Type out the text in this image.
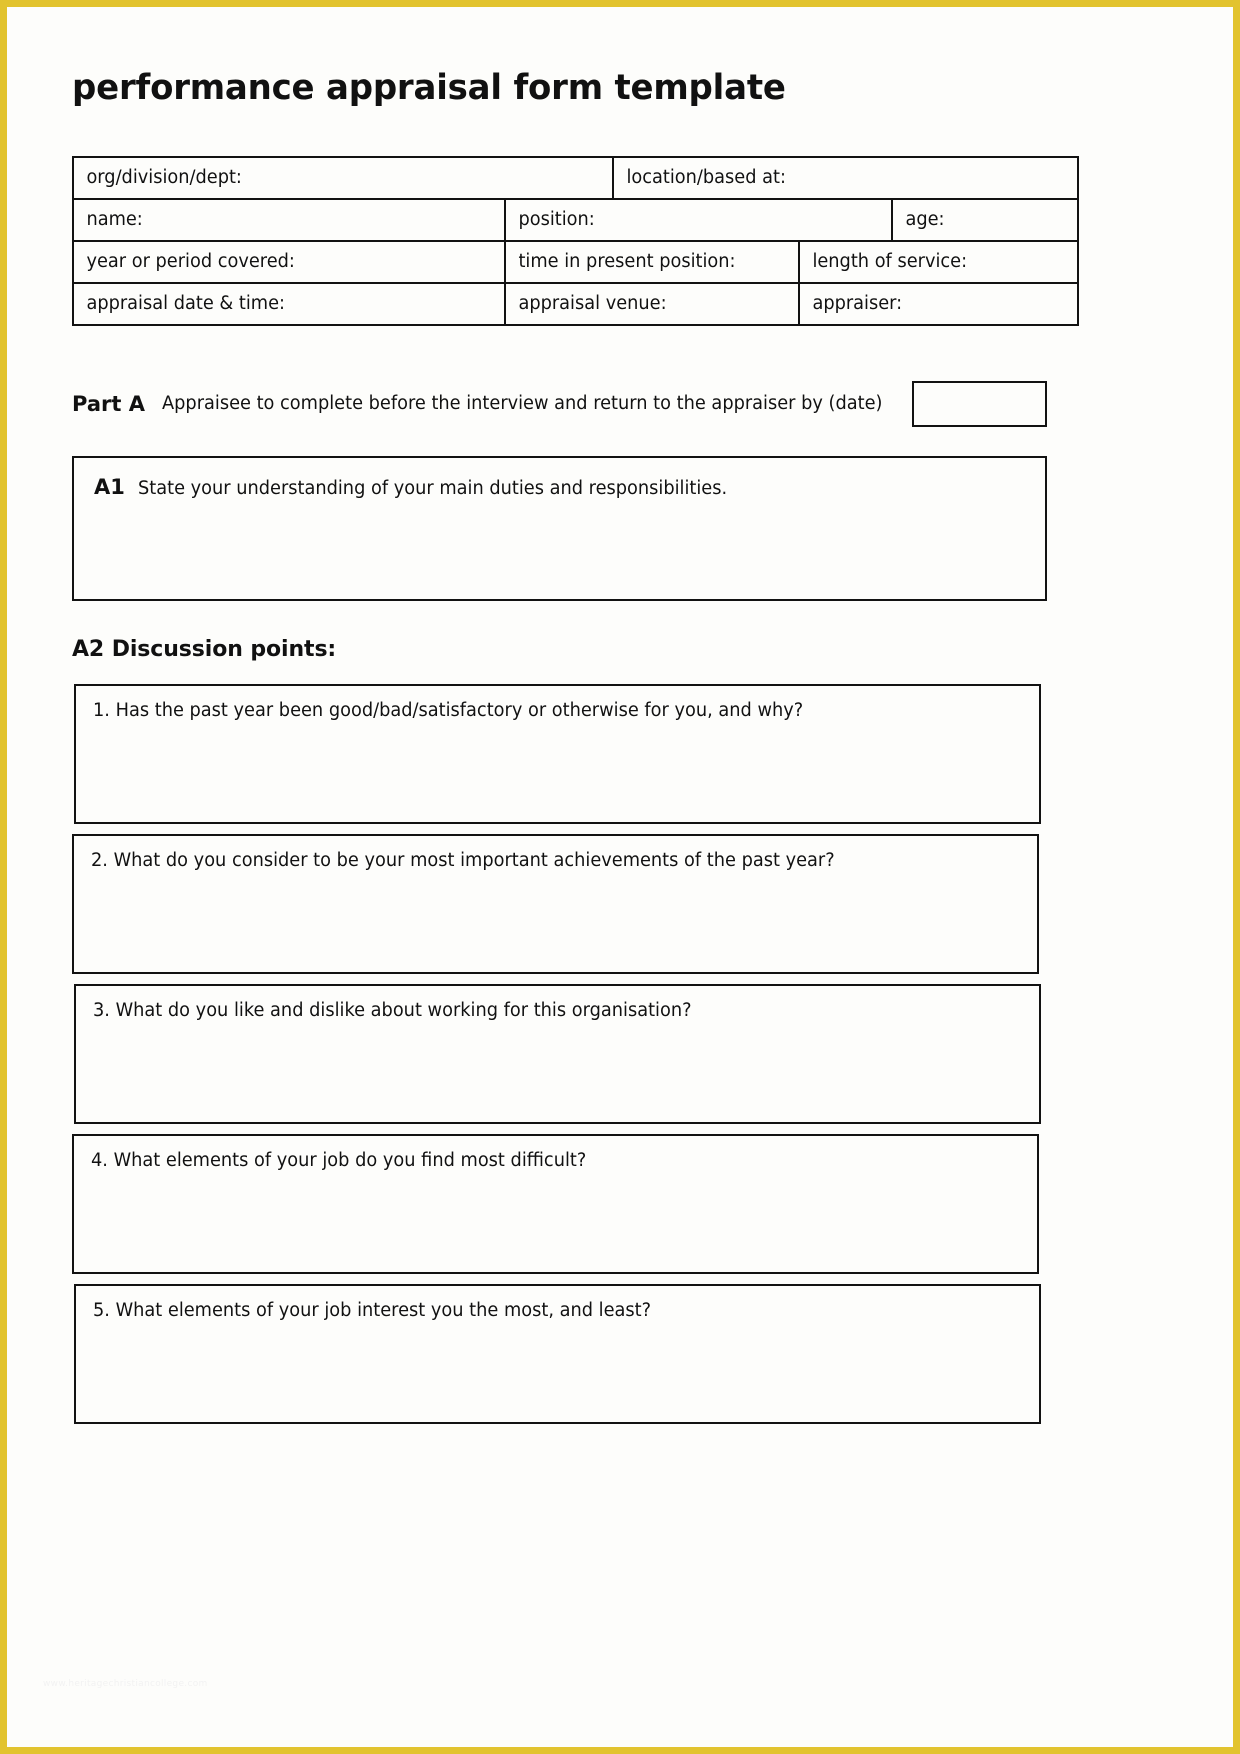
performance appraisal form template
org/division/dept:		location/based at:		
name:	position:			age:
year or period covered:	time in present position:		length of service:	
appraisal date & time:	appraisal venue:		appraiser:	
Part A Appraisee to complete before the interview and return to the appraiser by (date)
A1 State your understanding of your main duties and responsibilities.
A2 Discussion points:
1. Has the past year been good/bad/satisfactory or otherwise for you, and why?
2. What do you consider to be your most important achievements of the past year?
3. What do you like and dislike about working for this organisation?
4. What elements of your job do you find most difficult?
5. What elements of your job interest you the most, and least?
www.heritagechristiancollege.com
